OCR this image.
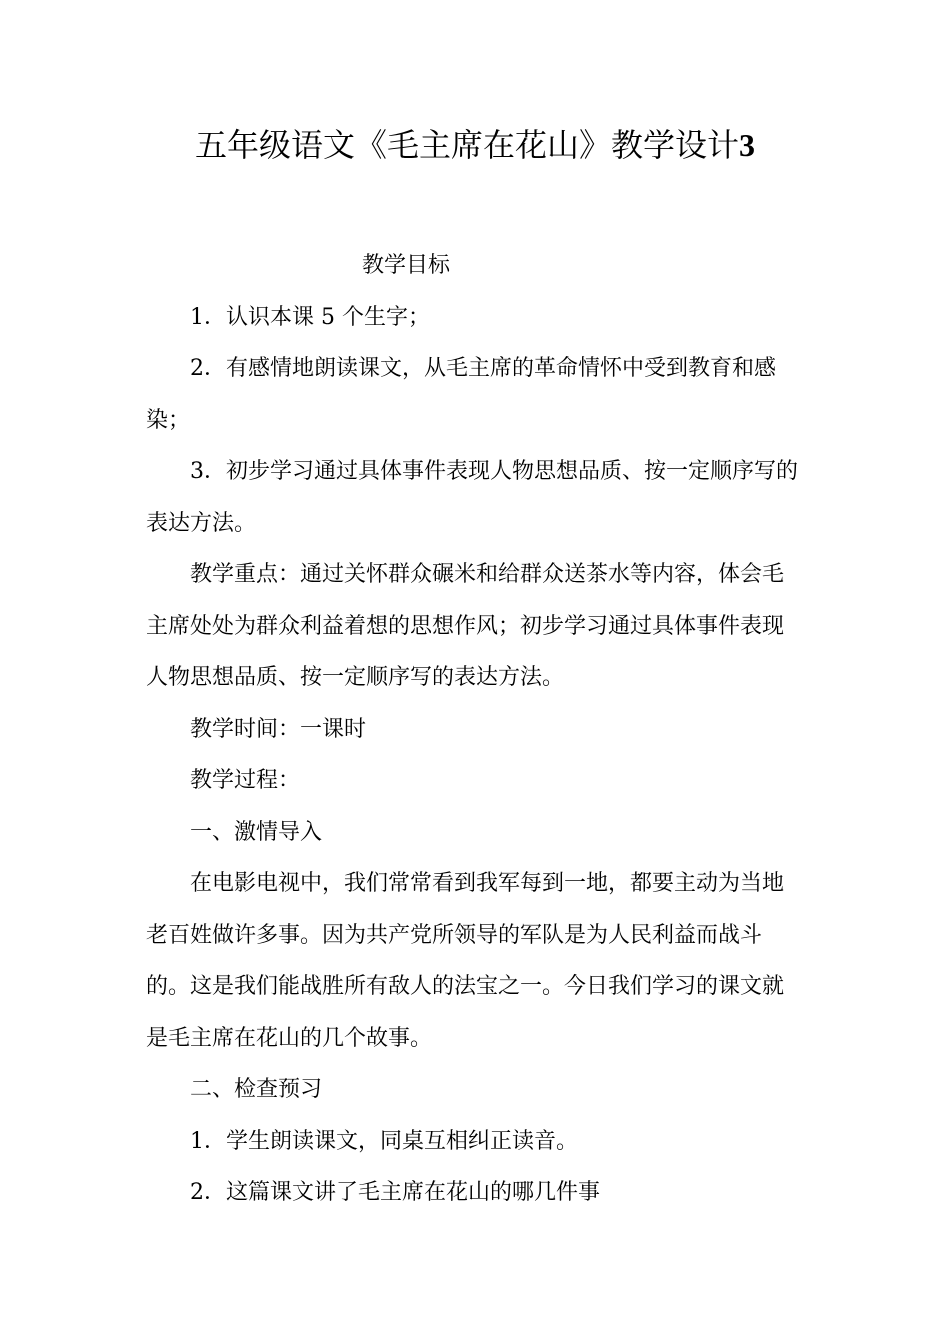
五年级语文《毛主席在花山》教学设计3

教学目标

1．认识本课 5 个生字；

2．有感情地朗读课文，从毛主席的革命情怀中受到教育和感

染；

3．初步学习通过具体事件表现人物思想品质、按一定顺序写的

表达方法。

教学重点：通过关怀群众碾米和给群众送茶水等内容，体会毛

主席处处为群众利益着想的思想作风；初步学习通过具体事件表现

人物思想品质、按一定顺序写的表达方法。

教学时间：一课时

教学过程：

一、激情导入

在电影电视中，我们常常看到我军每到一地，都要主动为当地

老百姓做许多事。因为共产党所领导的军队是为人民利益而战斗

的。这是我们能战胜所有敌人的法宝之一。今日我们学习的课文就

是毛主席在花山的几个故事。

二、检查预习

1．学生朗读课文，同桌互相纠正读音。

2．这篇课文讲了毛主席在花山的哪几件事
